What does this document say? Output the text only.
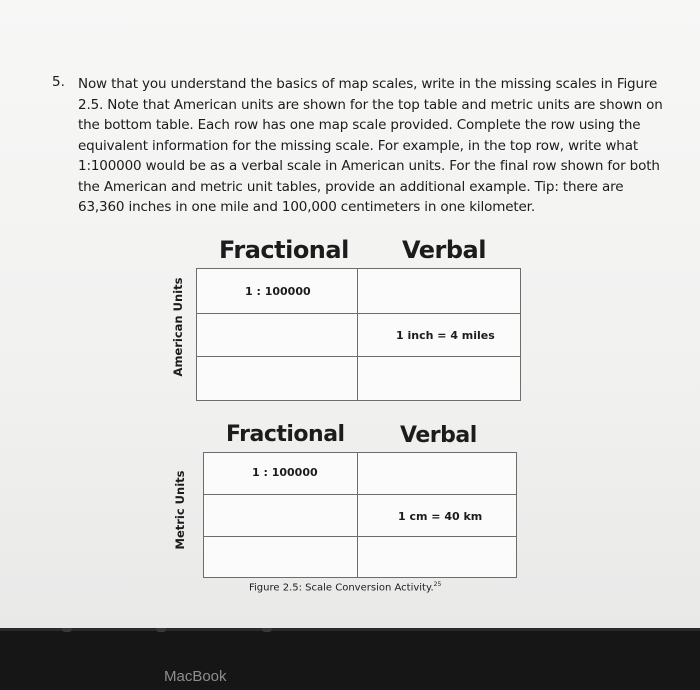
5. Now that you understand the basics of map scales, write in the missing scales in Figure 2.5. Note that American units are shown for the top table and metric units are shown on the bottom table. Each row has one map scale provided. Complete the row using the equivalent information for the missing scale. For example, in the top row, write what 1:100000 would be as a verbal scale in American units. For the final row shown for both the American and metric unit tables, provide an additional example. Tip: there are 63,360 inches in one mile and 100,000 centimeters in one kilometer.
Fractional Verbal
American Units	1 : 100000	
	1 inch = 4 miles

Fractional	Verbal
Metric Units	1 : 100000	
	1 cm = 40 km

Figure 2.5: Scale Conversion Activity.$^{25}$
MacBook
